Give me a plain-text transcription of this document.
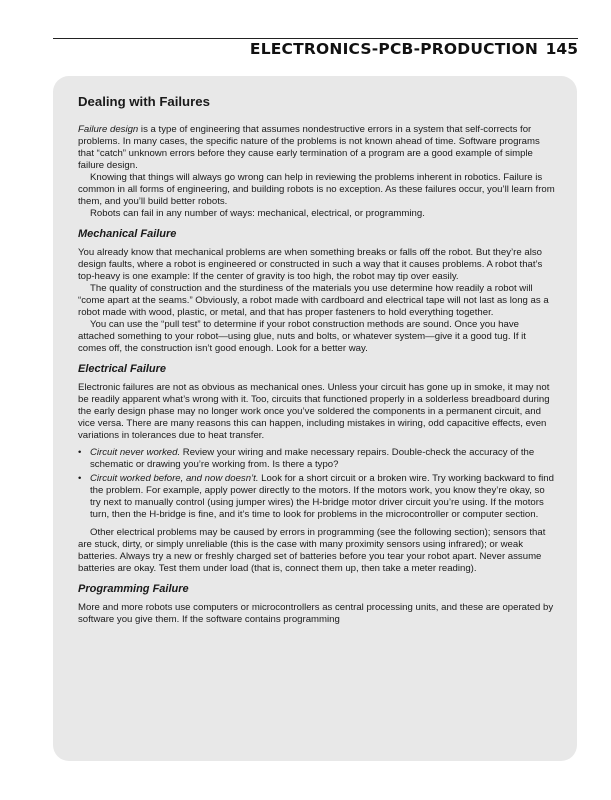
ELECTRONICS-PCB-PRODUCTION 145
Dealing with Failures

Failure design is a type of engineering that assumes nondestructive errors in a system that self-corrects for problems. In many cases, the specific nature of the problems is not known ahead of time. Software programs that “catch” unknown errors before they cause early termination of a program are a good example of simple failure design.

Knowing that things will always go wrong can help in reviewing the problems inherent in robotics. Failure is common in all forms of engineering, and building robots is no exception. As these failures occur, you’ll learn from them, and you’ll build better robots.

Robots can fail in any number of ways: mechanical, electrical, or programming.

Mechanical Failure

You already know that mechanical problems are when something breaks or falls off the robot. But they’re also design faults, where a robot is engineered or constructed in such a way that it causes problems. A robot that’s top-heavy is one example: If the center of gravity is too high, the robot may tip over easily.

The quality of construction and the sturdiness of the materials you use determine how readily a robot will “come apart at the seams.” Obviously, a robot made with cardboard and electrical tape will not last as long as a robot made with wood, plastic, or metal, and that has proper fasteners to hold everything together.

You can use the “pull test” to determine if your robot construction methods are sound. Once you have attached something to your robot—using glue, nuts and bolts, or whatever system—give it a good tug. If it comes off, the construction isn’t good enough. Look for a better way.

Electrical Failure

Electronic failures are not as obvious as mechanical ones. Unless your circuit has gone up in smoke, it may not be readily apparent what’s wrong with it. Too, circuits that functioned properly in a solderless breadboard during the early design phase may no longer work once you’ve soldered the components in a permanent circuit, and vice versa. There are many reasons this can happen, including mistakes in wiring, odd capacitive effects, even variations in tolerances due to heat transfer.

• Circuit never worked. Review your wiring and make necessary repairs. Double-check the accuracy of the schematic or drawing you’re working from. Is there a typo?
• Circuit worked before, and now doesn’t. Look for a short circuit or a broken wire. Try working backward to find the problem. For example, apply power directly to the motors. If the motors work, you know they’re okay, so try next to manually control (using jumper wires) the H-bridge motor driver circuit you’re using. If the motors turn, then the H-bridge is fine, and it’s time to look for problems in the microcontroller or computer section.

Other electrical problems may be caused by errors in programming (see the following section); sensors that are stuck, dirty, or simply unreliable (this is the case with many proximity sensors using infrared); or weak batteries. Always try a new or freshly charged set of batteries before you tear your robot apart. Never assume batteries are okay. Test them under load (that is, connect them up, then take a meter reading).

Programming Failure

More and more robots use computers or microcontrollers as central processing units, and these are operated by software you give them. If the software contains programming
